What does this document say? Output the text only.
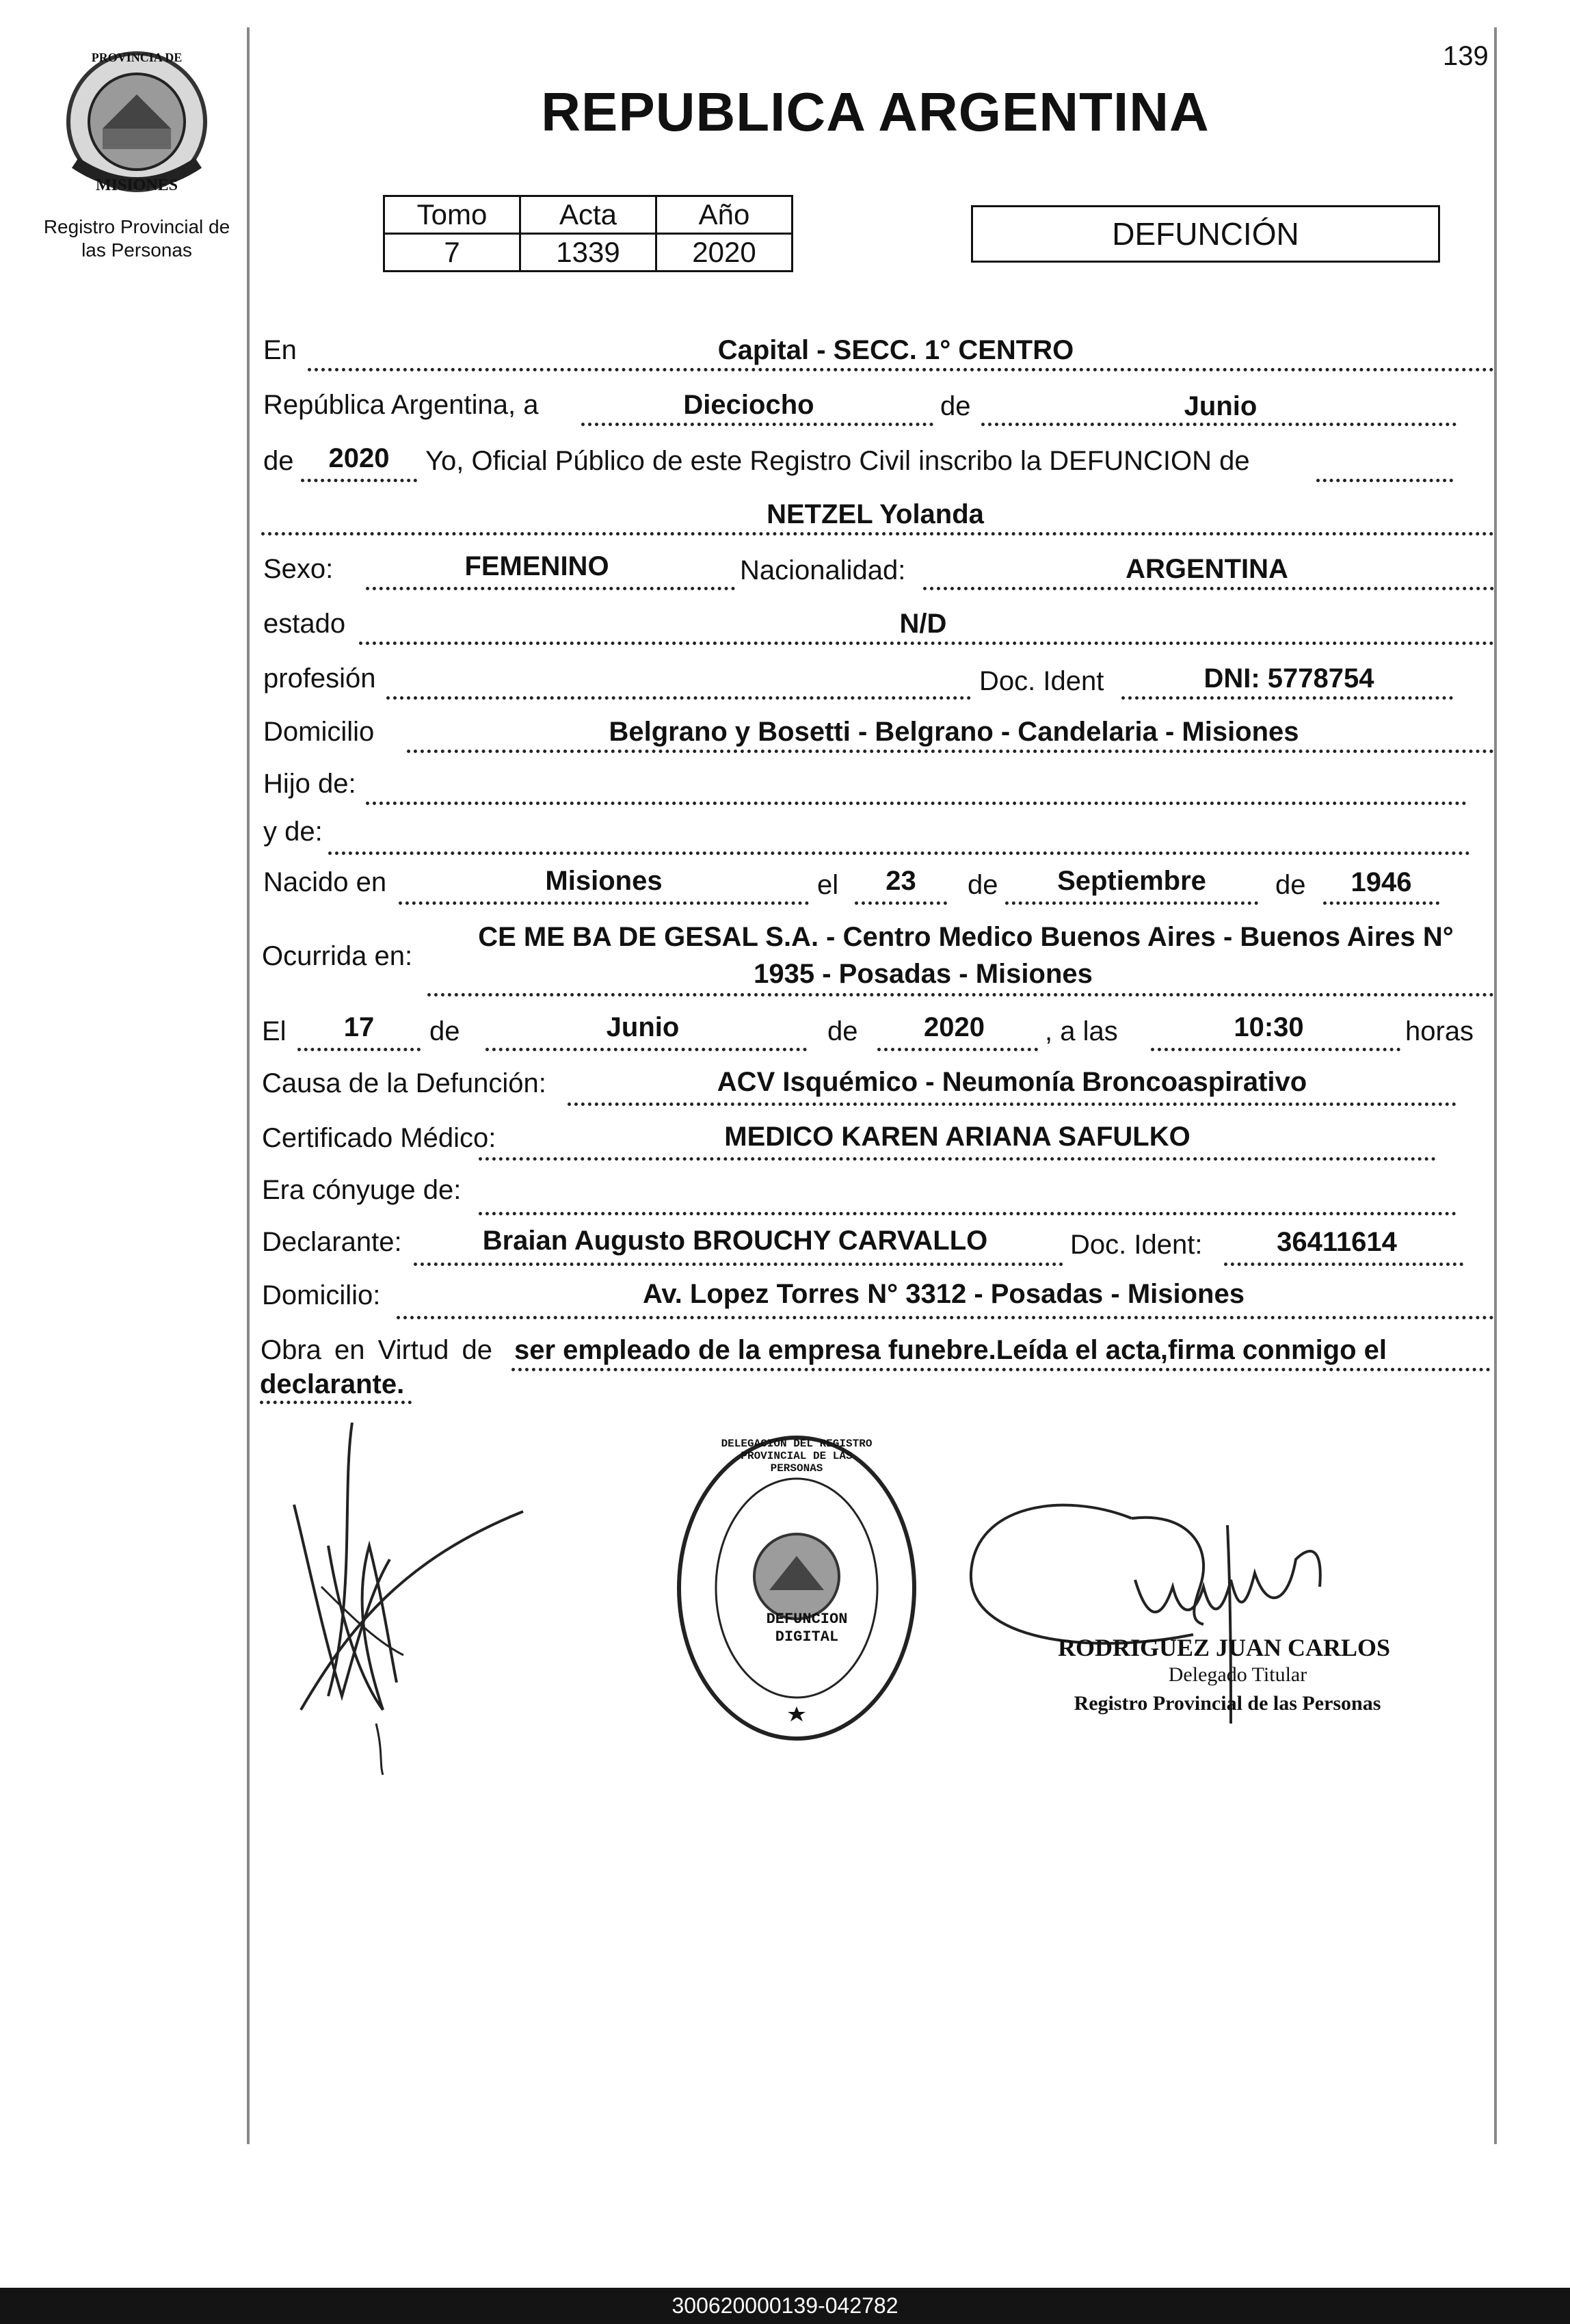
139
PROVINCIA DE
MISIONES
Registro Provincial de
las Personas
REPUBLICA ARGENTINA
Tomo	Acta	Año
7	1339	2020
DEFUNCIÓN
En	Capital - SECC. 1° CENTRO
República Argentina, a	Dieciocho	de	Junio
de	2020	Yo, Oficial Público de este Registro Civil inscribo la DEFUNCION de
NETZEL Yolanda
Sexo:	FEMENINO	Nacionalidad:	ARGENTINA
estado	N/D
profesión	Doc. Ident	DNI: 5778754
Domicilio	Belgrano y Bosetti - Belgrano - Candelaria - Misiones
Hijo de:
y de:
Nacido en	Misiones	el	23	de	Septiembre	de	1946
Ocurrida en:
CE ME BA DE GESAL S.A. - Centro Medico Buenos Aires - Buenos Aires N°
1935 - Posadas - Misiones
El	17	de	Junio	de	2020	, a las	10:30	horas
Causa de la Defunción:	ACV Isquémico - Neumonía Broncoaspirativo
Certificado Médico:	MEDICO KAREN ARIANA SAFULKO
Era cónyuge de:
Declarante:	Braian Augusto BROUCHY CARVALLO	Doc. Ident:	36411614
Domicilio:	Av. Lopez Torres N° 3312 - Posadas - Misiones
Obra en Virtud de ser empleado de la empresa funebre.Leída el acta,firma conmigo el
declarante.
DELEGACION DEL REGISTRO PROVINCIAL DE LAS PERSONAS
DEFUNCION DIGITAL	RODRIGUEZ JUAN CARLOS
Delegado Titular
Registro Provincial de las Personas
300620000139-042782
